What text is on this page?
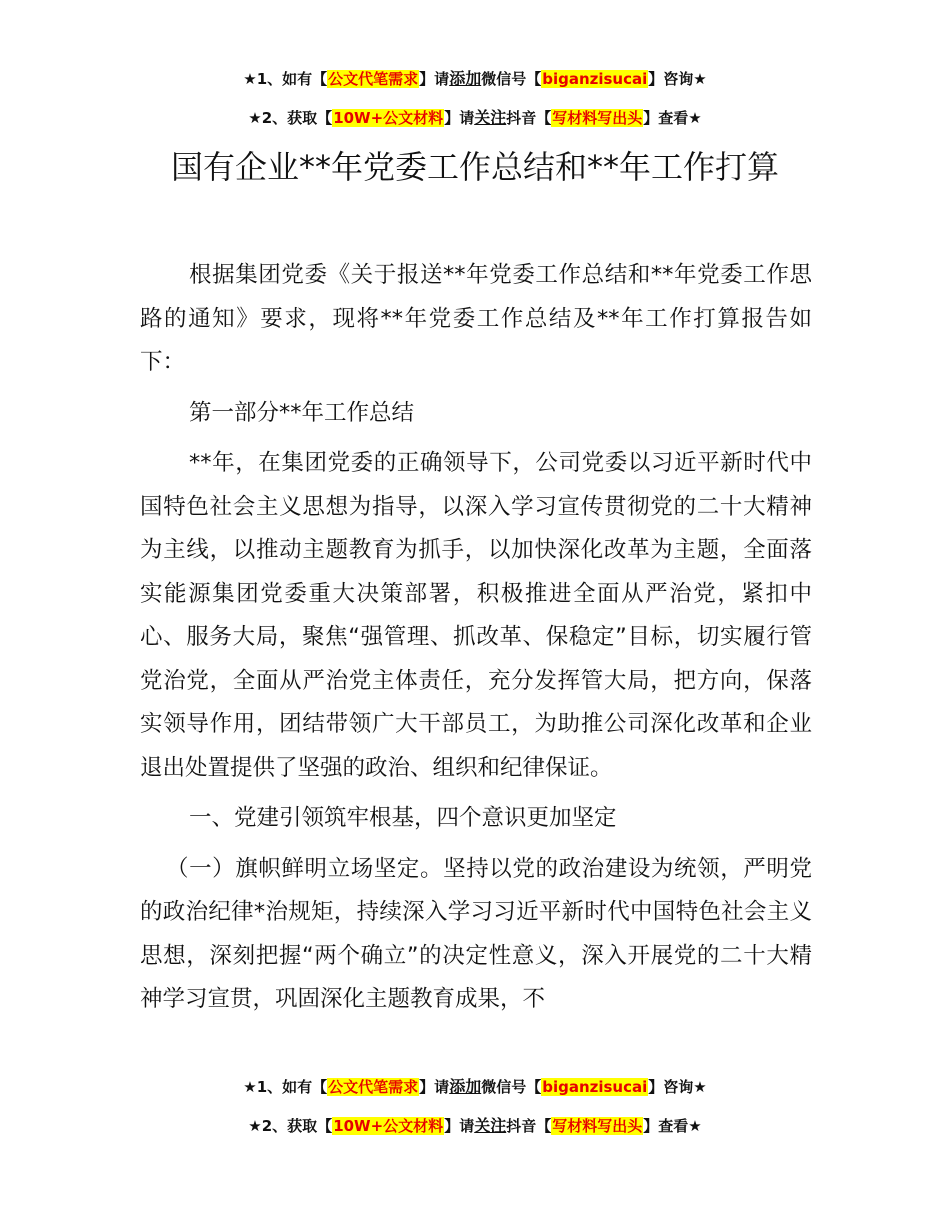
★1、如有【公文代笔需求】请添加微信号【biganzisucai】咨询★
★2、获取【10W+公文材料】请关注抖音【写材料写出头】查看★
国有企业**年党委工作总结和**年工作打算

根据集团党委《关于报送**年党委工作总结和**年党委工作思路的通知》要求，现将**年党委工作总结及**年工作打算报告如下：

第一部分**年工作总结

**年，在集团党委的正确领导下，公司党委以习近平新时代中国特色社会主义思想为指导，以深入学习宣传贯彻党的二十大精神为主线，以推动主题教育为抓手，以加快深化改革为主题，全面落实能源集团党委重大决策部署，积极推进全面从严治党，紧扣中心、服务大局，聚焦“强管理、抓改革、保稳定”目标，切实履行管党治党，全面从严治党主体责任，充分发挥管大局，把方向，保落实领导作用，团结带领广大干部员工，为助推公司深化改革和企业退出处置提供了坚强的政治、组织和纪律保证。

一、党建引领筑牢根基，四个意识更加坚定

（一）旗帜鲜明立场坚定。坚持以党的政治建设为统领，严明党的政治纪律*治规矩，持续深入学习习近平新时代中国特色社会主义思想，深刻把握“两个确立”的决定性意义，深入开展党的二十大精神学习宣贯，巩固深化主题教育成果，不

★1、如有【公文代笔需求】请添加微信号【biganzisucai】咨询★
★2、获取【10W+公文材料】请关注抖音【写材料写出头】查看★
